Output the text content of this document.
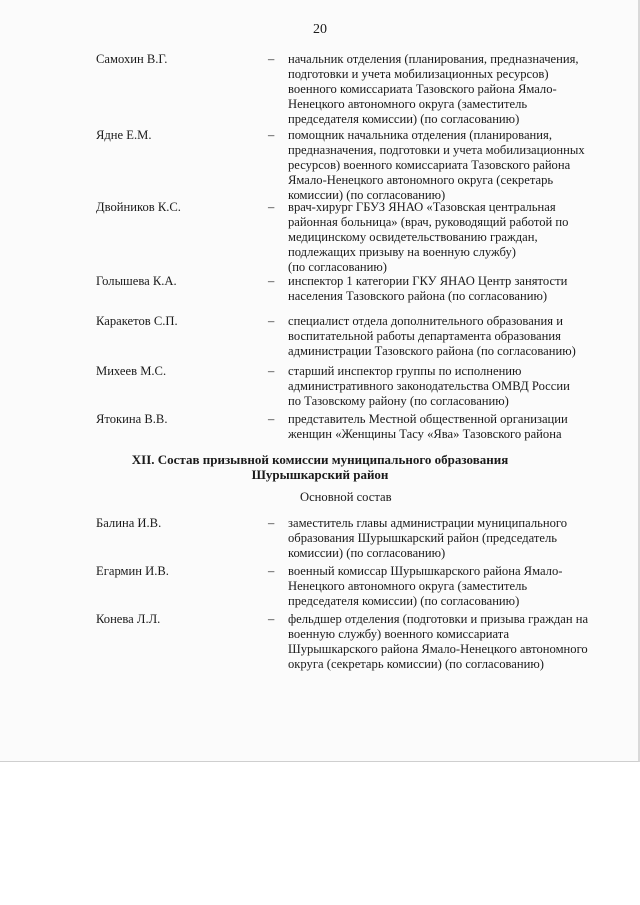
20
Самохин В.Г.	– начальник отделения (планирования, предназначения,
подготовки и учета мобилизационных ресурсов)
военного комиссариата Тазовского района Ямало-
Ненецкого автономного округа (заместитель
председателя комиссии) (по согласованию)
Ядне Е.М.	– помощник начальника отделения (планирования,
предназначения, подготовки и учета мобилизационных
ресурсов) военного комиссариата Тазовского района
Ямало-Ненецкого автономного округа (секретарь
комиссии) (по согласованию)
Двойников К.С.	– врач-хирург ГБУЗ ЯНАО «Тазовская центральная
районная больница» (врач, руководящий работой по
медицинскому освидетельствованию граждан,
подлежащих призыву на военную службу)
(по согласованию)
Голышева К.А.	– инспектор 1 категории ГКУ ЯНАО Центр занятости
населения Тазовского района (по согласованию)
Каракетов С.П.	– специалист отдела дополнительного образования и
воспитательной работы департамента образования
администрации Тазовского района (по согласованию)
Михеев М.С.	– старший инспектор группы по исполнению
административного законодательства ОМВД России
по Тазовскому району (по согласованию)
Ятокина В.В.	– представитель Местной общественной организации
женщин «Женщины Тасу «Ява» Тазовского района
XII. Состав призывной комиссии муниципального образования
Шурышкарский район
Основной состав
Балина И.В.	– заместитель главы администрации муниципального
образования Шурышкарский район (председатель
комиссии) (по согласованию)
Егармин И.В.	– военный комиссар Шурышкарского района Ямало-
Ненецкого автономного округа (заместитель
председателя комиссии) (по согласованию)
Конева Л.Л.	– фельдшер отделения (подготовки и призыва граждан на
военную службу) военного комиссариата
Шурышкарского района Ямало-Ненецкого автономного
округа (секретарь комиссии) (по согласованию)
